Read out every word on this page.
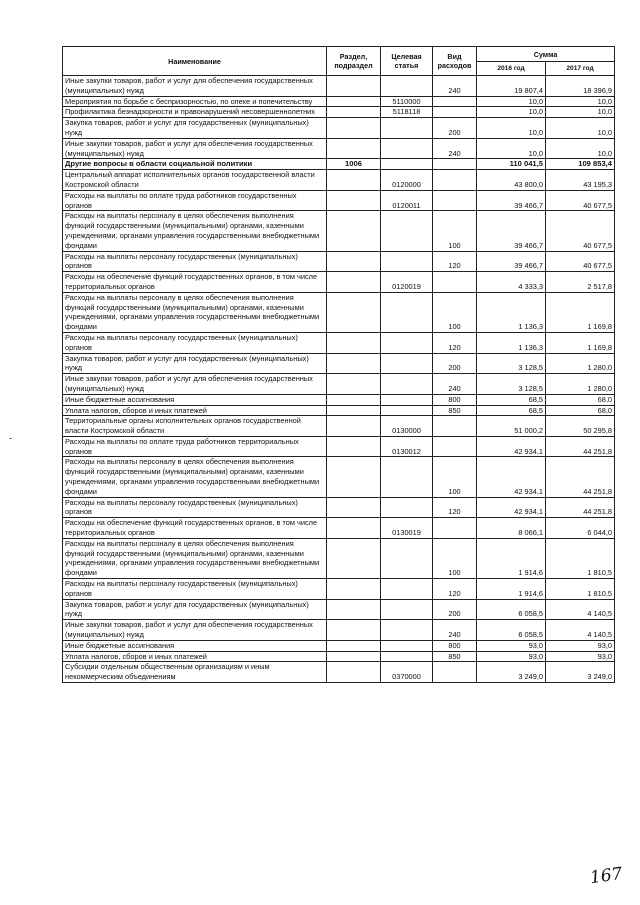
Наименование	Раздел, подраздел	Целевая статья	Вид расходов	Сумма	
				2016 год	2017 год
Иные закупки товаров, работ и услуг для обеспечения государственных (муниципальных) нужд			240	19 807,4	18 396,9
Мероприятия по борьбе с беспризорностью, по опеке и попечительству		5110000		10,0	10,0
Профилактика безнадзорности и правонарушений несовершеннолетних		5118118		10,0	10,0
Закупка товаров, работ и услуг для государственных (муниципальных) нужд			200	10,0	10,0
Иные закупки товаров, работ и услуг для обеспечения государственных (муниципальных) нужд			240	10,0	10,0
Другие вопросы в области социальной политики	1006			110 041,5	109 853,4
Центральный аппарат исполнительных органов государственной власти Костромской области		0120000		43 800,0	43 195,3
Расходы на выплаты по оплате труда работников государственных органов		0120011		39 466,7	40 677,5
Расходы на выплаты персоналу в целях обеспечения выполнения функций государственными (муниципальными) органами, казенными учреждениями, органами управления государственными внебюджетными фондами			100	39 466,7	40 677,5
Расходы на выплаты персоналу государственных (муниципальных) органов			120	39 466,7	40 677,5
Расходы на обеспечение функций государственных органов, в том числе территориальных органов		0120019		4 333,3	2 517,8
Расходы на выплаты персоналу в целях обеспечения выполнения функций государственными (муниципальными) органами, казенными учреждениями, органами управления государственными внебюджетными фондами			100	1 136,3	1 169,8
Расходы на выплаты персоналу государственных (муниципальных) органов			120	1 136,3	1 169,8
Закупка товаров, работ и услуг для государственных (муниципальных) нужд			200	3 128,5	1 280,0
Иные закупки товаров, работ и услуг для обеспечения государственных (муниципальных) нужд			240	3 128,5	1 280,0
Иные бюджетные ассигнования			800	68,5	68,0
Уплата налогов, сборов и иных платежей			850	68,5	68,0
Территориальные органы исполнительных органов государственной власти Костромской области		0130000		51 000,2	50 295,8
Расходы на выплаты по оплате труда работников территориальных органов		0130012		42 934,1	44 251,8
Расходы на выплаты персоналу в целях обеспечения выполнения функций государственными (муниципальными) органами, казенными учреждениями, органами управления государственными внебюджетными фондами			100	42 934,1	44 251,8
Расходы на выплаты персоналу государственных (муниципальных) органов			120	42 934,1	44 251,8
Расходы на обеспечение функций государственных органов, в том числе территориальных органов		0130019		8 066,1	6 044,0
Расходы на выплаты персоналу в целях обеспечения выполнения функций государственными (муниципальными) органами, казенными учреждениями, органами управления государственными внебюджетными фондами			100	1 914,6	1 810,5
Расходы на выплаты персоналу государственных (муниципальных) органов			120	1 914,6	1 810,5
Закупка товаров, работ и услуг для государственных (муниципальных) нужд			200	6 058,5	4 140,5
Иные закупки товаров, работ и услуг для обеспечения государственных (муниципальных) нужд			240	6 058,5	4 140,5
Иные бюджетные ассигнования			800	93,0	93,0
Уплата налогов, сборов и иных платежей			850	93,0	93,0
Субсидии отдельным общественным организациям и иным некоммерческим объединениям		0370000		3 249,0	3 249,0
167
